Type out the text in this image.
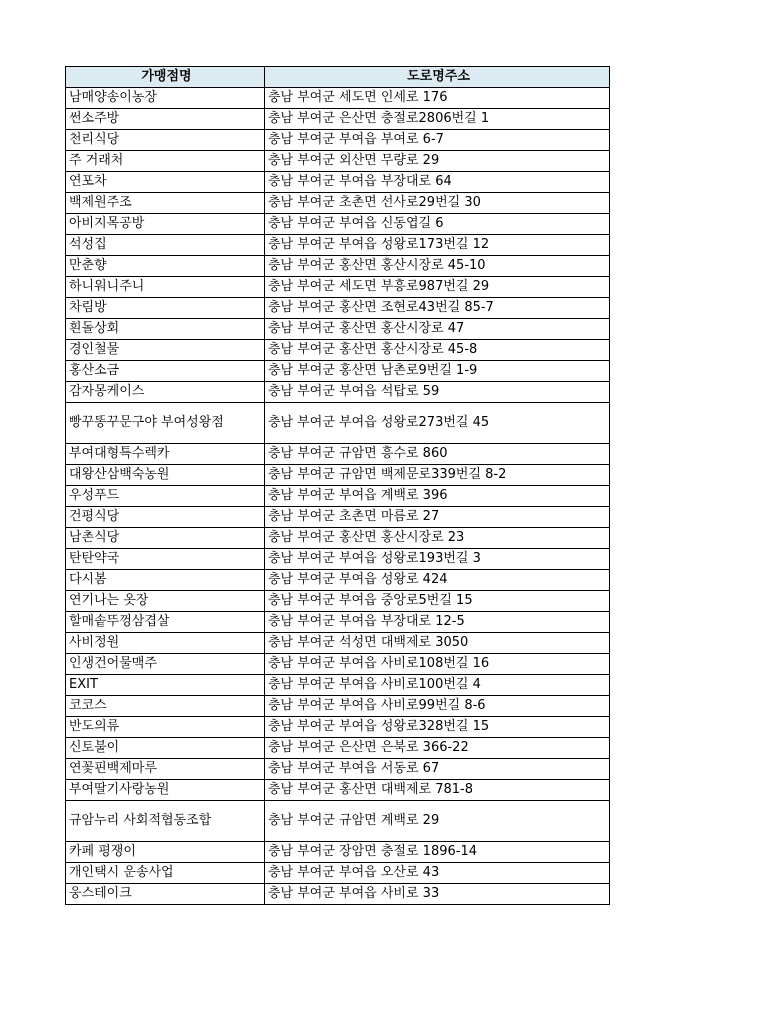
가맹점명	도로명주소
남매양송이농장	충남 부여군 세도면 인세로 176
썬소주방	충남 부여군 은산면 충절로2806번길 1
천리식당	충남 부여군 부여읍 부여로 6-7
주 거래처	충남 부여군 외산면 무량로 29
연포차	충남 부여군 부여읍 부장대로 64
백제원주조	충남 부여군 초촌면 선사로29번길 30
아비지목공방	충남 부여군 부여읍 신동엽길 6
석성집	충남 부여군 부여읍 성왕로173번길 12
만춘향	충남 부여군 홍산면 홍산시장로 45-10
하니워니주니	충남 부여군 세도면 부흥로987번길 29
차림방	충남 부여군 홍산면 조현로43번길 85-7
흰돌상회	충남 부여군 홍산면 홍산시장로 47
경인철물	충남 부여군 홍산면 홍산시장로 45-8
홍산소금	충남 부여군 홍산면 남촌로9번길 1-9
감자몽케이스	충남 부여군 부여읍 석탑로 59
빵꾸똥꾸문구야 부여성왕점	충남 부여군 부여읍 성왕로273번길 45
부여대형특수렉카	충남 부여군 규암면 흥수로 860
대왕산삼백숙농원	충남 부여군 규암면 백제문로339번길 8-2
우성푸드	충남 부여군 부여읍 계백로 396
건평식당	충남 부여군 초촌면 마름로 27
남촌식당	충남 부여군 홍산면 홍산시장로 23
탄탄약국	충남 부여군 부여읍 성왕로193번길 3
다시봄	충남 부여군 부여읍 성왕로 424
연기나는 옷장	충남 부여군 부여읍 중앙로5번길 15
할매솥뚜껑삼겹살	충남 부여군 부여읍 부장대로 12-5
사비정원	충남 부여군 석성면 대백제로 3050
인생건어물맥주	충남 부여군 부여읍 사비로108번길 16
EXIT	충남 부여군 부여읍 사비로100번길 4
코코스	충남 부여군 부여읍 사비로99번길 8-6
반도의류	충남 부여군 부여읍 성왕로328번길 15
신토불이	충남 부여군 은산면 은북로 366-22
연꽃핀백제마루	충남 부여군 부여읍 서동로 67
부여딸기사랑농원	충남 부여군 홍산면 대백제로 781-8
규암누리 사회적협동조합	충남 부여군 규암면 계백로 29
카페 평쟁이	충남 부여군 장암면 충절로 1896-14
개인택시 운송사업	충남 부여군 부여읍 오산로 43
웅스테이크	충남 부여군 부여읍 사비로 33
